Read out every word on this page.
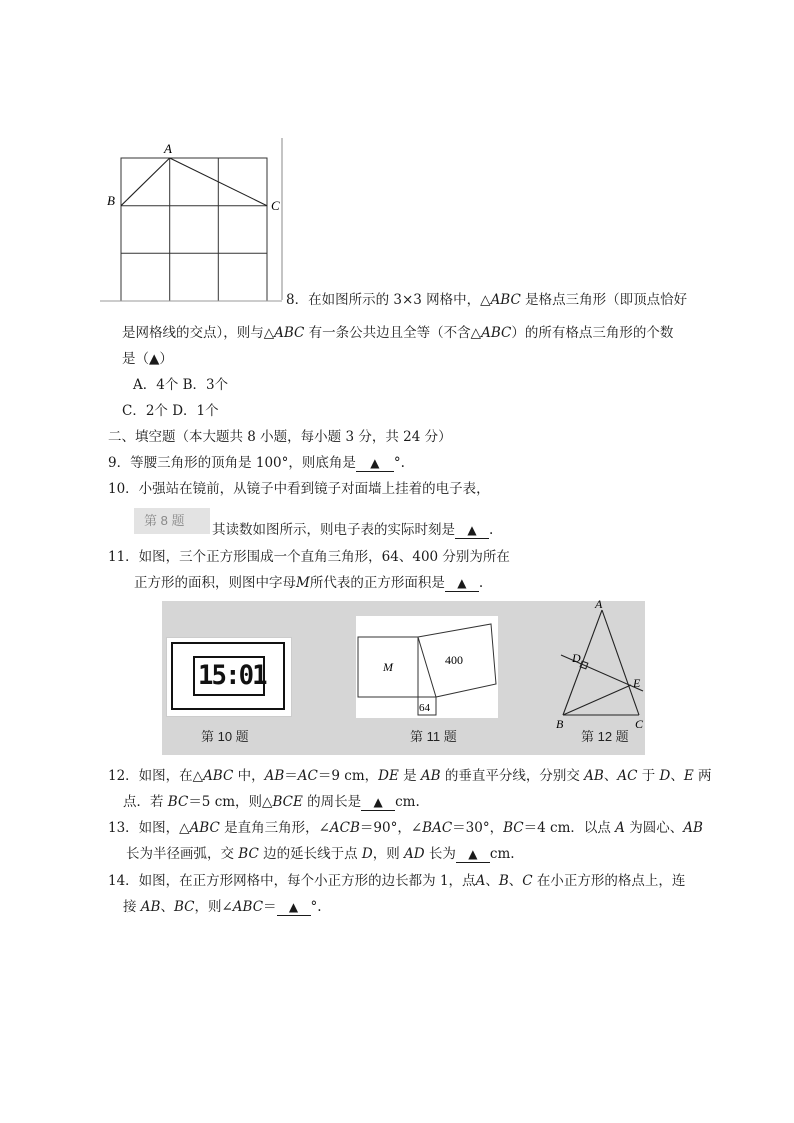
A
B	C
8．在如图所示的 3×3 网格中，△ABC 是格点三角形（即顶点恰好
是网格线的交点），则与△ABC 有一条公共边且全等（不含△ABC）的所有格点三角形的个数
是（▲）
A．4个 B．3个
C．2个 D．1个
二、填空题（本大题共 8 小题，每小题 3 分，共 24 分）
9．等腰三角形的顶角是 100°，则底角是 ▲ °.
10．小强站在镜前，从镜子中看到镜子对面墙上挂着的电子表，
第 8 题
其读数如图所示，则电子表的实际时刻是 ▲ .
11．如图，三个正方形围成一个直角三角形，64、400 分别为所在
正方形的面积，则图中字母M所代表的正方形面积是 ▲ .
15:01	M	400
64
A
B	C
D
E
第 10 题	第 11 题	第 12 题
12．如图，在△ABC 中，AB＝AC＝9 cm，DE 是 AB 的垂直平分线，分别交 AB、AC 于 D、E 两
点．若 BC＝5 cm，则△BCE 的周长是 ▲ cm.
13．如图，△ABC 是直角三角形，∠ACB＝90°，∠BAC＝30°，BC＝4 cm．以点 A 为圆心、AB
长为半径画弧，交 BC 边的延长线于点 D，则 AD 长为 ▲ cm.
14．如图，在正方形网格中，每个小正方形的边长都为 1，点A、B、C 在小正方形的格点上，连
接 AB、BC，则∠ABC＝ ▲ °.
